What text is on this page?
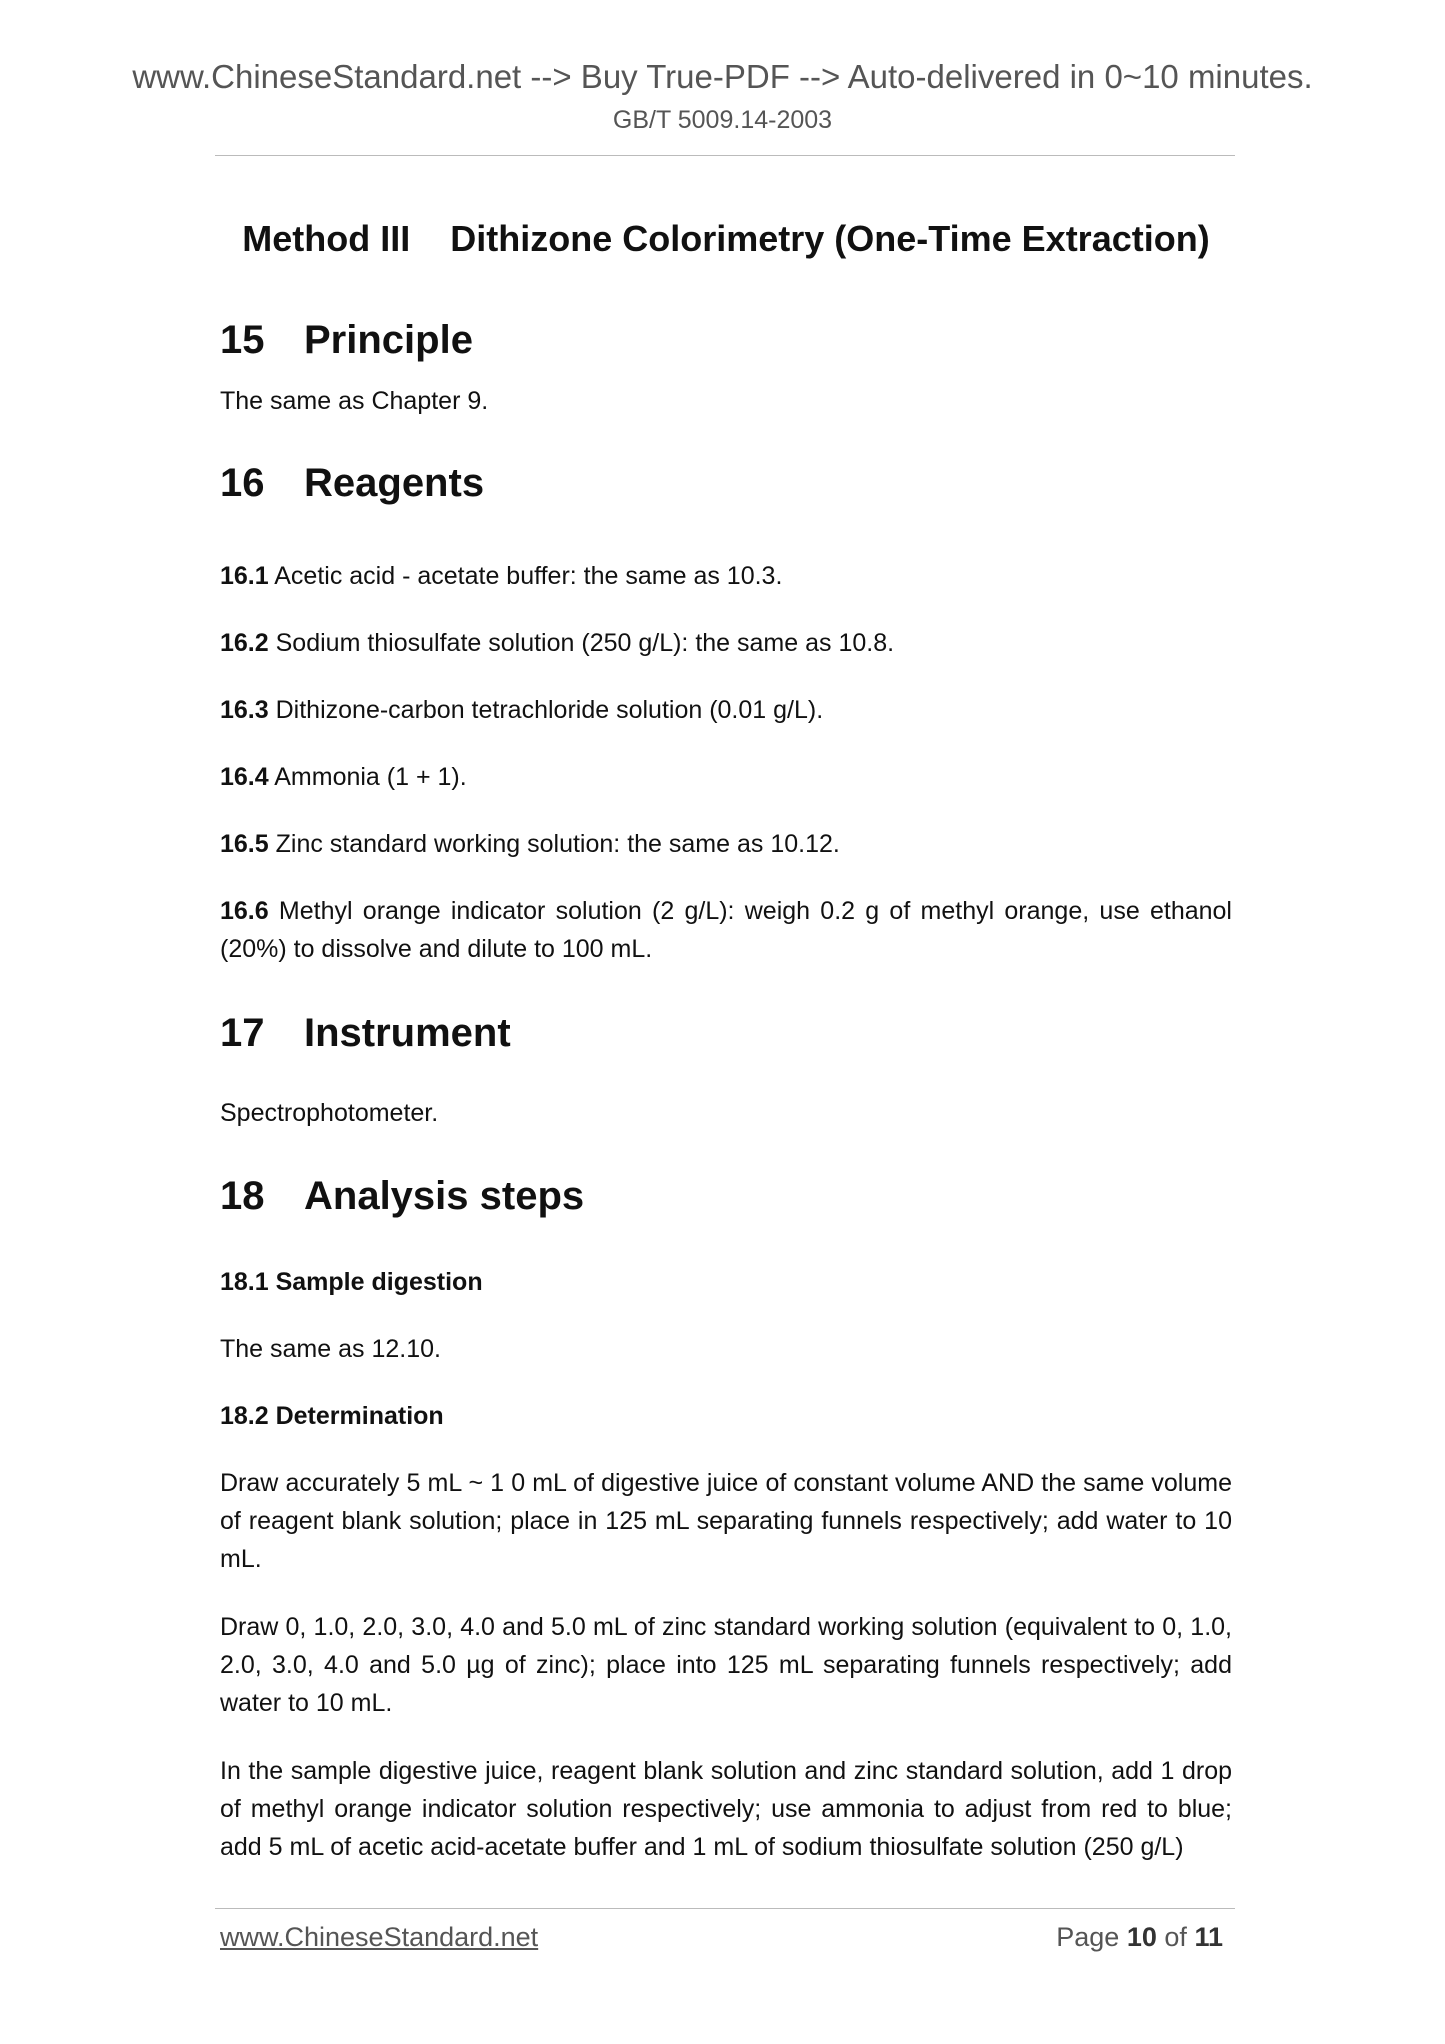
www.ChineseStandard.net --> Buy True-PDF --> Auto-delivered in 0~10 minutes.
GB/T 5009.14-2003
Method III    Dithizone Colorimetry (One-Time Extraction)
15 Principle

The same as Chapter 9.

16 Reagents

16.1 Acetic acid - acetate buffer: the same as 10.3.

16.2 Sodium thiosulfate solution (250 g/L): the same as 10.8.

16.3 Dithizone-carbon tetrachloride solution (0.01 g/L).

16.4 Ammonia (1 + 1).

16.5 Zinc standard working solution: the same as 10.12.

16.6 Methyl orange indicator solution (2 g/L): weigh 0.2 g of methyl orange, use ethanol (20%) to dissolve and dilute to 100 mL.

17 Instrument

Spectrophotometer.

18 Analysis steps

18.1 Sample digestion

The same as 12.10.

18.2 Determination

Draw accurately 5 mL ~ 1 0 mL of digestive juice of constant volume AND the same volume of reagent blank solution; place in 125 mL separating funnels respectively; add water to 10 mL.

Draw 0, 1.0, 2.0, 3.0, 4.0 and 5.0 mL of zinc standard working solution (equivalent to 0, 1.0, 2.0, 3.0, 4.0 and 5.0 µg of zinc); place into 125 mL separating funnels respectively; add water to 10 mL.

In the sample digestive juice, reagent blank solution and zinc standard solution, add 1 drop of methyl orange indicator solution respectively; use ammonia to adjust from red to blue; add 5 mL of acetic acid-acetate buffer and 1 mL of sodium thiosulfate solution (250 g/L)

www.ChineseStandard.net	Page 10 of 11
